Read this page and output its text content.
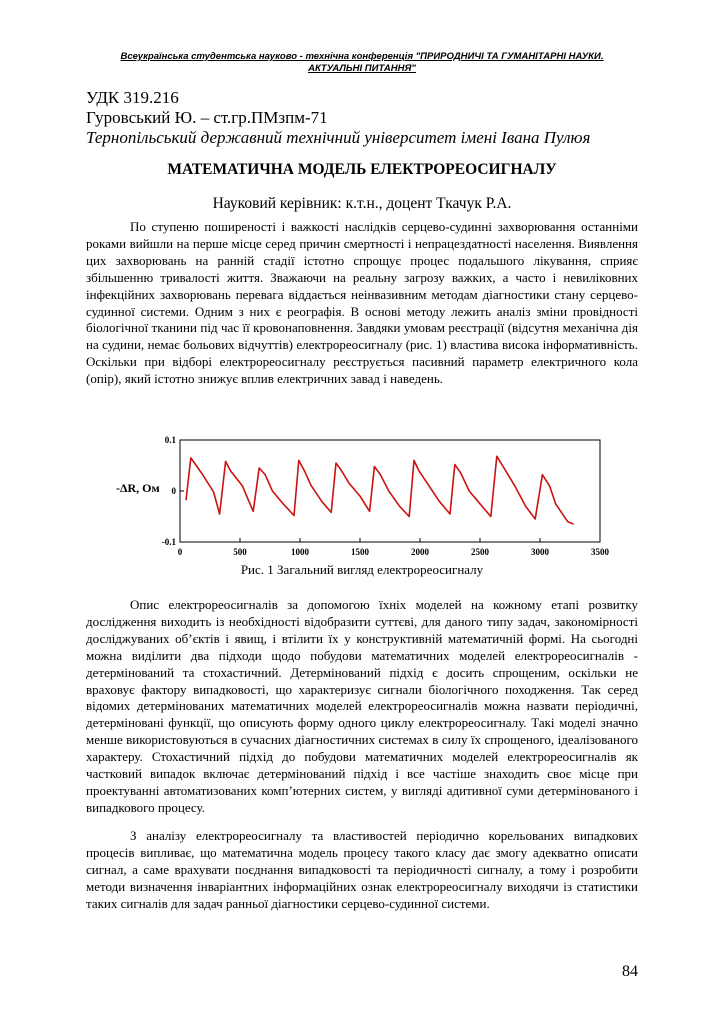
Всеукраїнська студентська науково - технічна конференція "ПРИРОДНИЧІ ТА ГУМАНІТАРНІ НАУКИ.
АКТУАЛЬНІ ПИТАННЯ"
УДК 319.216
Гуровський Ю. – ст.гр.ПМзпм-71
Тернопільський державний технічний університет імені Івана Пулюя
МАТЕМАТИЧНА МОДЕЛЬ ЕЛЕКТРОРЕОСИГНАЛУ
Науковий керівник: к.т.н., доцент Ткачук Р.А.

По ступеню поширеності і важкості наслідків серцево-судинні захворювання останніми роками вийшли на перше місце серед причин смертності і непрацездатності населення. Виявлення цих захворювань на ранній стадії істотно спрощує процес подальшого лікування, сприяє збільшенню тривалості життя. Зважаючи на реальну загрозу важких, а часто і невиліковних інфекційних захворювань перевага віддається неінвазивним методам діагностики стану серцево-судинної системи. Одним з них є реографія. В основі методу лежить аналіз зміни провідності біологічної тканини під час її кровонаповнення. Завдяки умовам реєстрації (відсутня механічна дія на судини, немає больових відчуттів) електрореосигналу (рис. 1) властива висока інформативність. Оскільки при відборі електрореосигналу реєструється пасивний параметр електричного кола (опір), який істотно знижує вплив електричних завад і наведень.

0	500	1000	1500	2000	2500	3000	3500
0.1
0
-0.1
-ΔR, Ом
Рис. 1 Загальний вигляд електрореосигналу

Опис електрореосигналів за допомогою їхніх моделей на кожному етапі розвитку дослідження виходить із необхідності відобразити суттєві, для даного типу задач, закономірності досліджуваних об’єктів і явищ, і втілити їх у конструктивній математичній формі. На сьогодні можна виділити два підходи щодо побудови математичних моделей електрореосигналів - детермінований та стохастичний. Детермінований підхід є досить спрощеним, оскільки не враховує фактору випадковості, що характеризує сигнали біологічного походження. Так серед відомих детермінованих математичних моделей електрореосигналів можна назвати періодичні, детерміновані функції, що описують форму одного циклу електрореосигналу. Такі моделі значно менше використовуються в сучасних діагностичних системах в силу їх спрощеного, ідеалізованого характеру. Стохастичний підхід до побудови математичних моделей електрореосигналів як частковий випадок включає детермінований підхід і все частіше знаходить своє місце при проектуванні автоматизованих комп’ютерних систем, у вигляді адитивної суми детермінованого і випадкового процесу.

З аналізу електрореосигналу та властивостей періодично корельованих випадкових процесів випливає, що математична модель процесу такого класу дає змогу адекватно описати сигнал, а саме врахувати поєднання випадковості та періодичності сигналу, а тому і розробити методи визначення інваріантних інформаційних ознак електрореосигналу виходячи із статистики таких сигналів для задач ранньої діагностики серцево-судинної системи.

84
